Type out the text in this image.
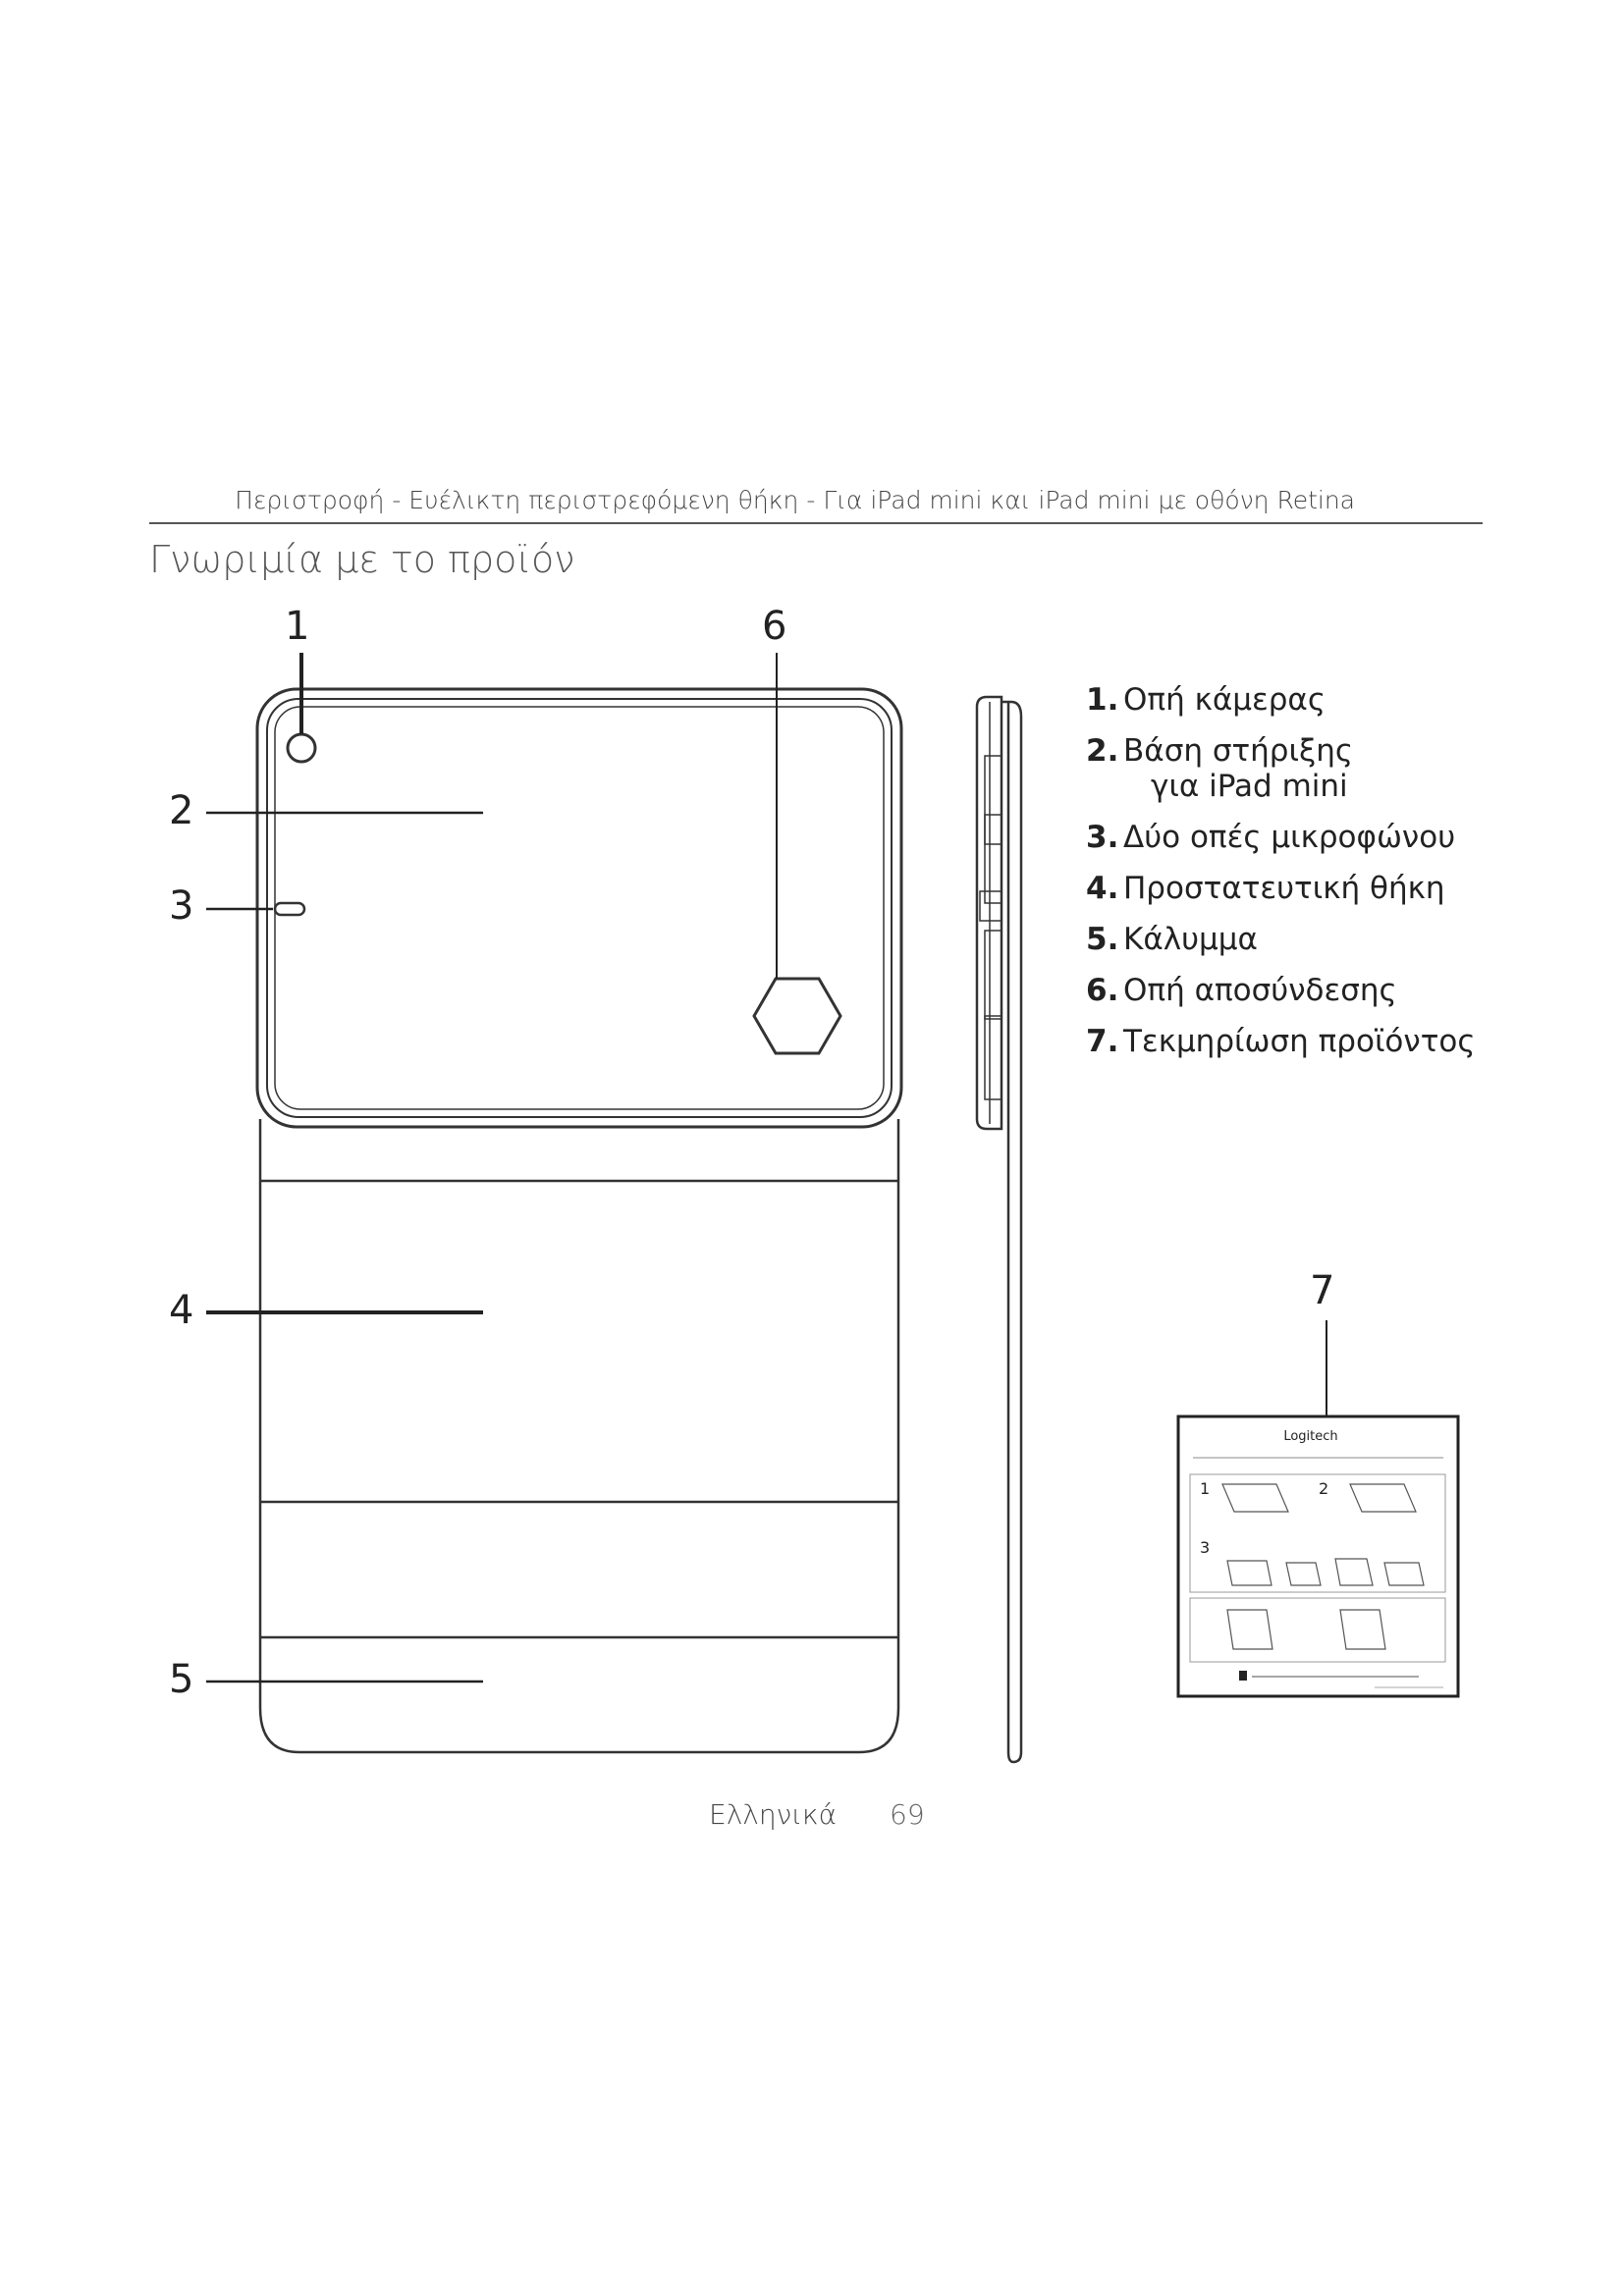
Περιστροφή - Ευέλικτη περιστρεφόμενη θήκη - Για iPad mini και iPad mini με οθόνη Retina
Γνωριμία με το προϊόν
Logitech
1	2
3
1
2
3
4
5
6
7
1. Οπή κάμερας
2. Βάση στήριξης
για iPad mini
3. Δύο οπές μικροφώνου
4. Προστατευτική θήκη
5. Κάλυμμα
6. Οπή αποσύνδεσης
7. Τεκμηρίωση προϊόντος
Ελληνικά 69
